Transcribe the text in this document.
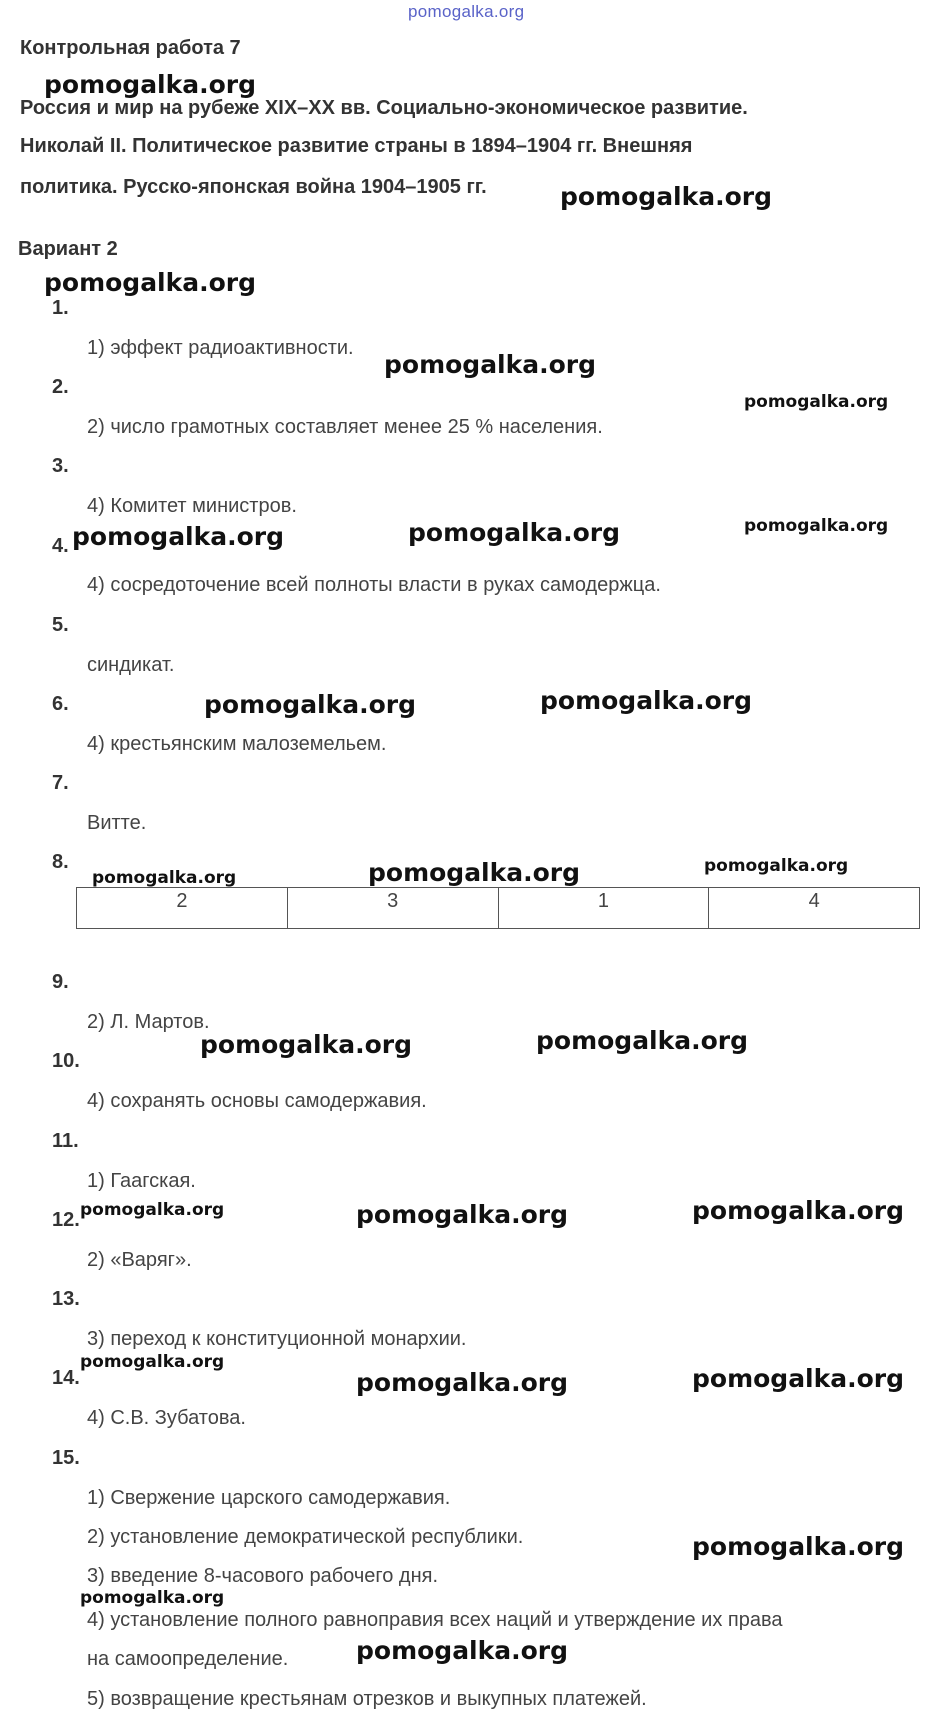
pomogalka.org
Контрольная работа 7
Россия и мир на рубеже XIX–XX вв. Социально-экономическое развитие.
Николай II. Политическое развитие страны в 1894–1904 гг. Внешняя
политика. Русско-японская война 1904–1905 гг.
Вариант 2
1.
1) эффект радиоактивности.
2.
2) число грамотных составляет менее 25 % населения.
3.
4) Комитет министров.
4.
4) сосредоточение всей полноты власти в руках самодержца.
5.
синдикат.
6.
4) крестьянским малоземельем.
7.
Витте.
8.
2	3	1	4
9.
2) Л. Мартов.
10.
4) сохранять основы самодержавия.
11.
1) Гаагская.
12.
2) «Варяг».
13.
3) переход к конституционной монархии.
14.
4) С.В. Зубатова.
15.
1) Свержение царского самодержавия.
2) установление демократической республики.
3) введение 8-часового рабочего дня.
4) установление полного равноправия всех наций и утверждение их права
на самоопределение.
5) возвращение крестьянам отрезков и выкупных платежей.
pomogalka.org
pomogalka.org
pomogalka.org
pomogalka.org
pomogalka.org
pomogalka.org	pomogalka.org	pomogalka.org
pomogalka.org	pomogalka.org
pomogalka.org	pomogalka.org	pomogalka.org
pomogalka.org	pomogalka.org
pomogalka.org	pomogalka.org	pomogalka.org
pomogalka.org
pomogalka.org	pomogalka.org
pomogalka.org
pomogalka.org
pomogalka.org
